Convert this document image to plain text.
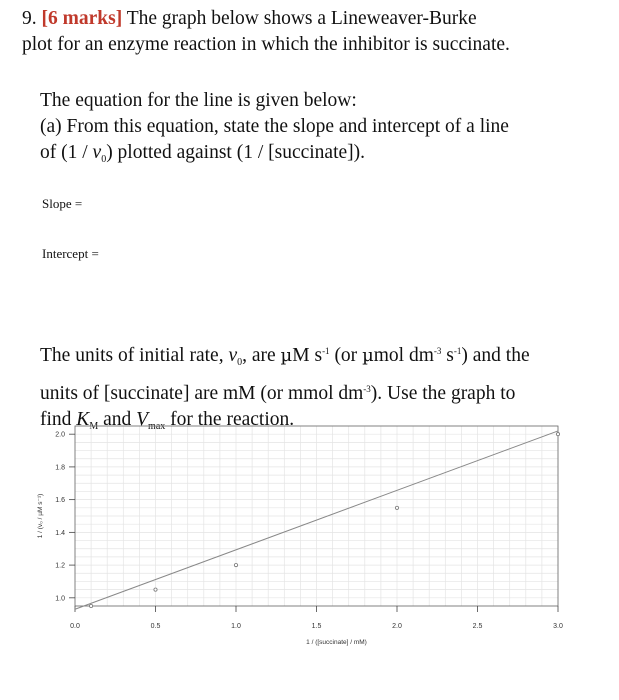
9. [6 marks] The graph below shows a Lineweaver-Burke
plot for an enzyme reaction in which the inhibitor is succinate.
The equation for the line is given below:
(a) From this equation, state the slope and intercept of a line
of $(1 / v_0)$ plotted against (1 / [succinate]).
Slope =
Intercept =
The units of initial rate, $v_0$, are µM $s^{-1}$ (or µmol $dm^{-3}$ $s^{-1}$) and the
units of [succinate] are mM (or mmol $dm^{-3}$). Use the graph to
find $K_M$ and $V_{max}$ for the reaction.
0.0	0.5	1.0	1.5	2.0	2.5	3.0
1.0
1.2
1.4
1.6
1.8
2.0
1 / ([succinate] / mM)
1 / (v₀ / µM s⁻¹)
